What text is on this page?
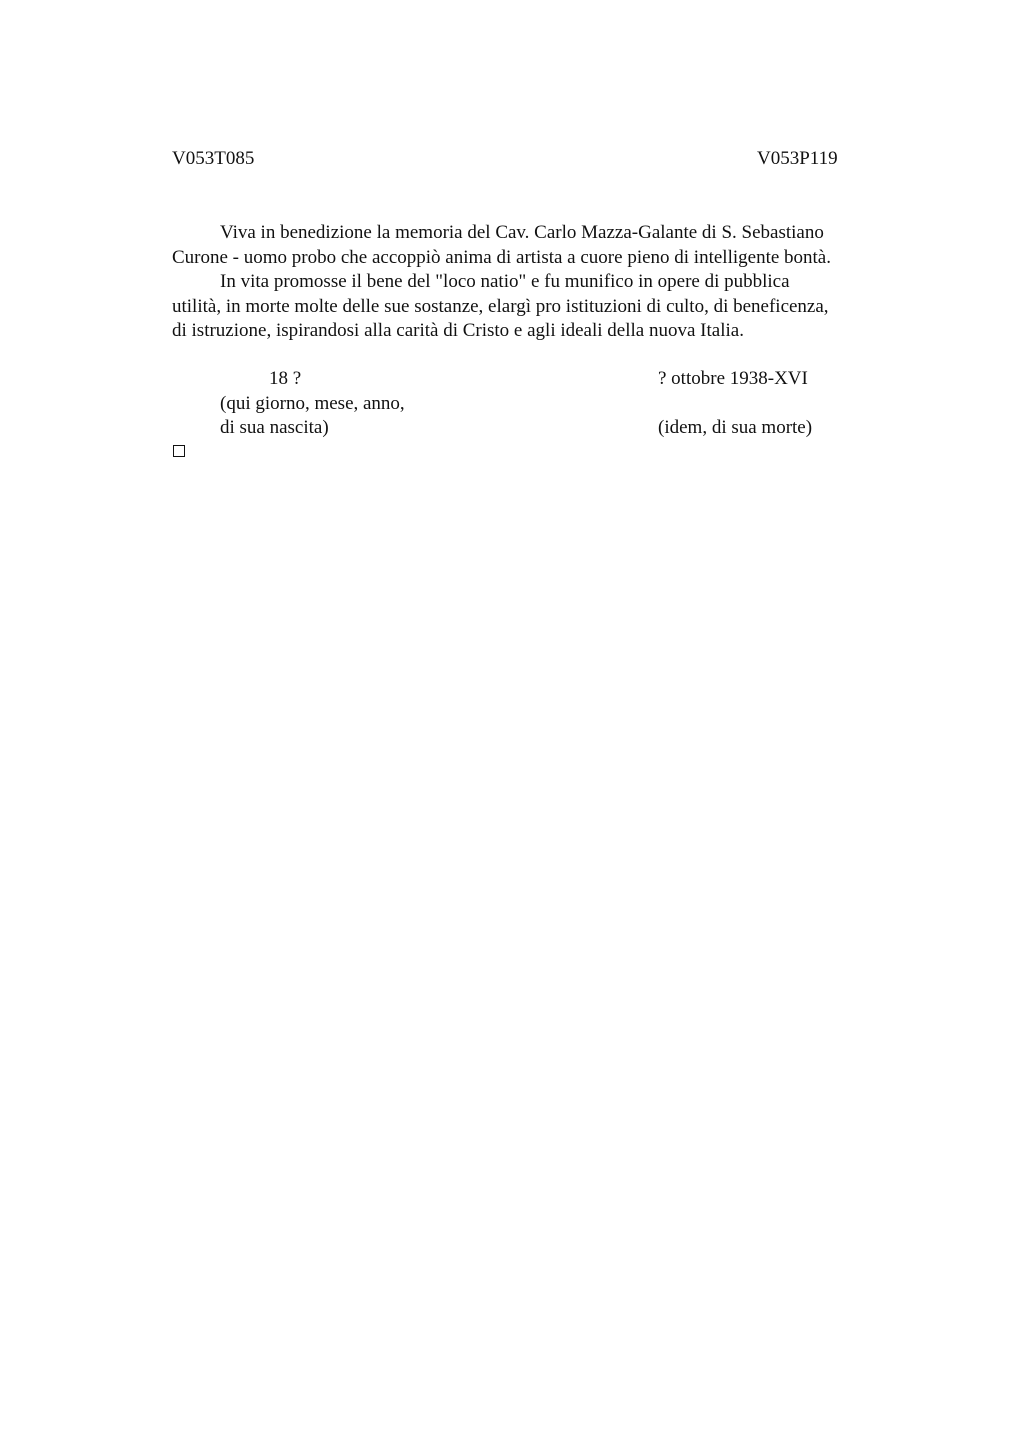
V053T085	V053P119

Viva in benedizione la memoria del Cav. Carlo Mazza-Galante di S. Sebastiano
Curone - uomo probo che accoppiò anima di artista a cuore pieno di intelligente bontà.

In vita promosse il bene del "loco natio" e fu munifico in opere di pubblica
utilità, in morte molte delle sue sostanze, elargì pro istituzioni di culto, di beneficenza,
di istruzione, ispirandosi alla carità di Cristo e agli ideali della nuova Italia.

18 ?
(qui giorno, mese, anno,
di sua nascita)
? ottobre 1938-XVI
(idem, di sua morte)
